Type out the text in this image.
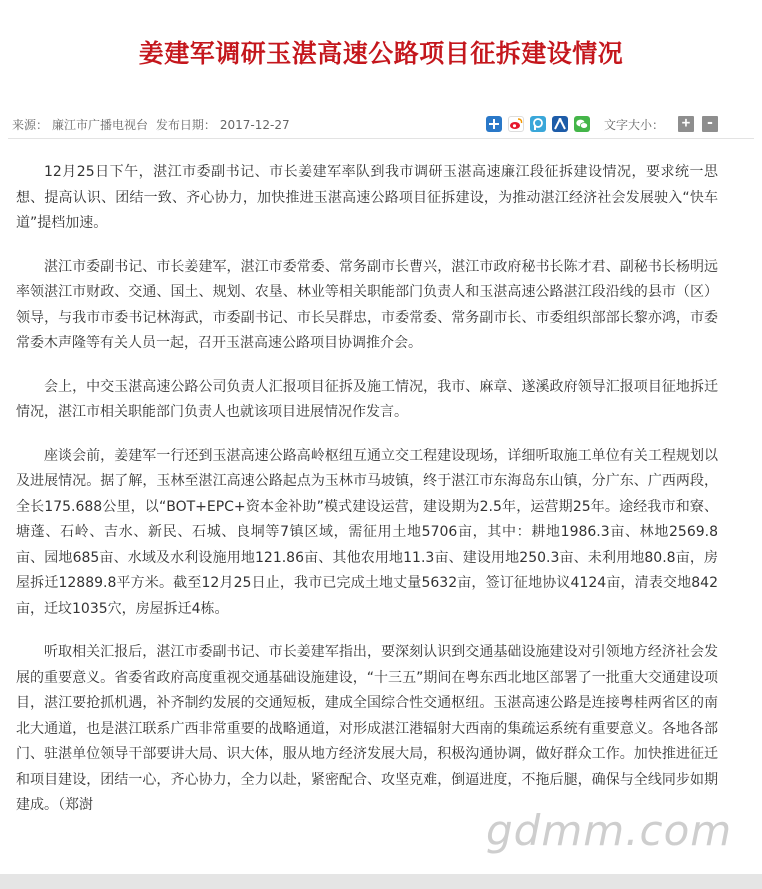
姜建军调研玉湛高速公路项目征拆建设情况
来源： 廉江市广播电视台 发布日期： 2017-12-27	文字大小： + -

12月25日下午，湛江市委副书记、市长姜建军率队到我市调研玉湛高速廉江段征拆建设情况，要求统一思想、提高认识、团结一致、齐心协力，加快推进玉湛高速公路项目征拆建设，为推动湛江经济社会发展驶入“快车道”提档加速。

湛江市委副书记、市长姜建军，湛江市委常委、常务副市长曹兴，湛江市政府秘书长陈才君、副秘书长杨明远率领湛江市财政、交通、国土、规划、农垦、林业等相关职能部门负责人和玉湛高速公路湛江段沿线的县市（区）领导，与我市市委书记林海武，市委副书记、市长吴群忠，市委常委、常务副市长、市委组织部部长黎亦鸿，市委常委木声隆等有关人员一起，召开玉湛高速公路项目协调推介会。

会上，中交玉湛高速公路公司负责人汇报项目征拆及施工情况，我市、麻章、遂溪政府领导汇报项目征地拆迁情况，湛江市相关职能部门负责人也就该项目进展情况作发言。

座谈会前，姜建军一行还到玉湛高速公路高岭枢纽互通立交工程建设现场，详细听取施工单位有关工程规划以及进展情况。据了解，玉林至湛江高速公路起点为玉林市马坡镇，终于湛江市东海岛东山镇，分广东、广西两段，全长175.688公里，以“BOT+EPC+资本金补助”模式建设运营，建设期为2.5年，运营期25年。途经我市和寮、塘蓬、石岭、吉水、新民、石城、良垌等7镇区域，需征用土地5706亩，其中：耕地1986.3亩、林地2569.8亩、园地685亩、水域及水利设施用地121.86亩、其他农用地11.3亩、建设用地250.3亩、未利用地80.8亩，房屋拆迁12889.8平方米。截至12月25日止，我市已完成土地丈量5632亩，签订征地协议4124亩，清表交地842亩，迁坟1035穴，房屋拆迁4栋。

听取相关汇报后，湛江市委副书记、市长姜建军指出，要深刻认识到交通基础设施建设对引领地方经济社会发展的重要意义。省委省政府高度重视交通基础设施建设，“十三五”期间在粤东西北地区部署了一批重大交通建设项目，湛江要抢抓机遇，补齐制约发展的交通短板，建成全国综合性交通枢纽。玉湛高速公路是连接粤桂两省区的南北大通道，也是湛江联系广西非常重要的战略通道，对形成湛江港辐射大西南的集疏运系统有重要意义。各地各部门、驻湛单位领导干部要讲大局、识大体，服从地方经济发展大局，积极沟通协调，做好群众工作。加快推进征迁和项目建设，团结一心，齐心协力，全力以赴，紧密配合、攻坚克难，倒逼进度，不拖后腿，确保与全线同步如期建成。（郑澍

gdmm.com
